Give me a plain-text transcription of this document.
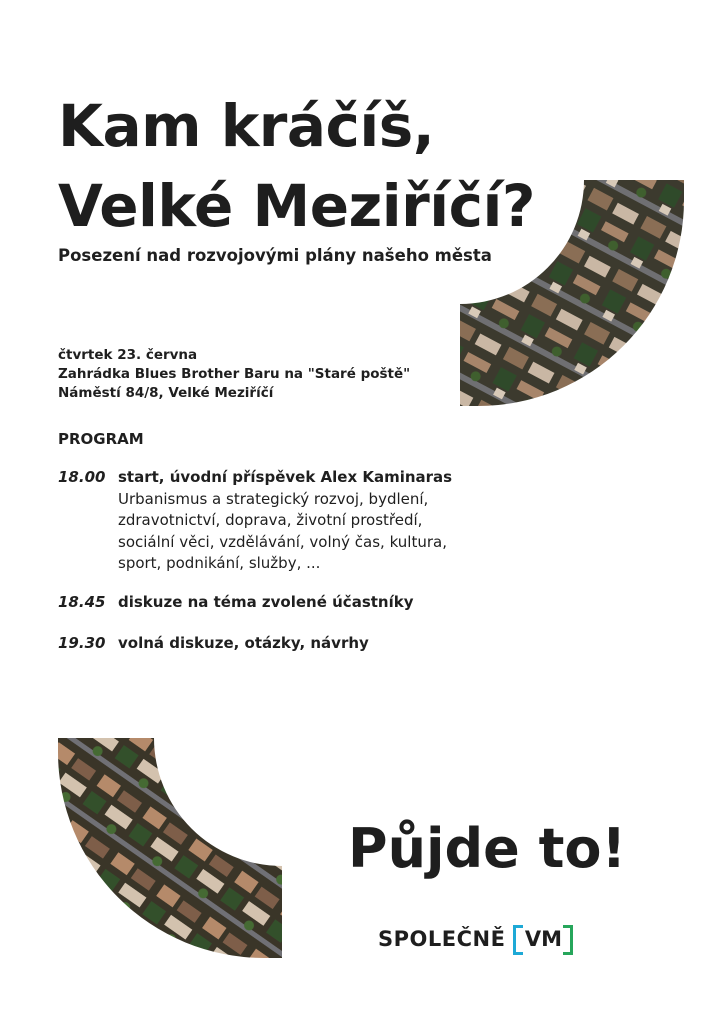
Kam kráčíš,
Velké Meziříčí?
Posezení nad rozvojovými plány našeho města
čtvrtek 23. června
Zahrádka Blues Brother Baru na "Staré poště"
Náměstí 84/8, Velké Meziříčí
PROGRAM
18.00 start, úvodní příspěvek Alex Kaminaras
Urbanismus a strategický rozvoj, bydlení, zdravotnictví, doprava, životní prostředí, sociální věci, vzdělávání, volný čas, kultura, sport, podnikání, služby, ...
18.45 diskuze na téma zvolené účastníky
19.30 volná diskuze, otázky, návrhy
Půjde to!
SPOLEČNĚ VM
